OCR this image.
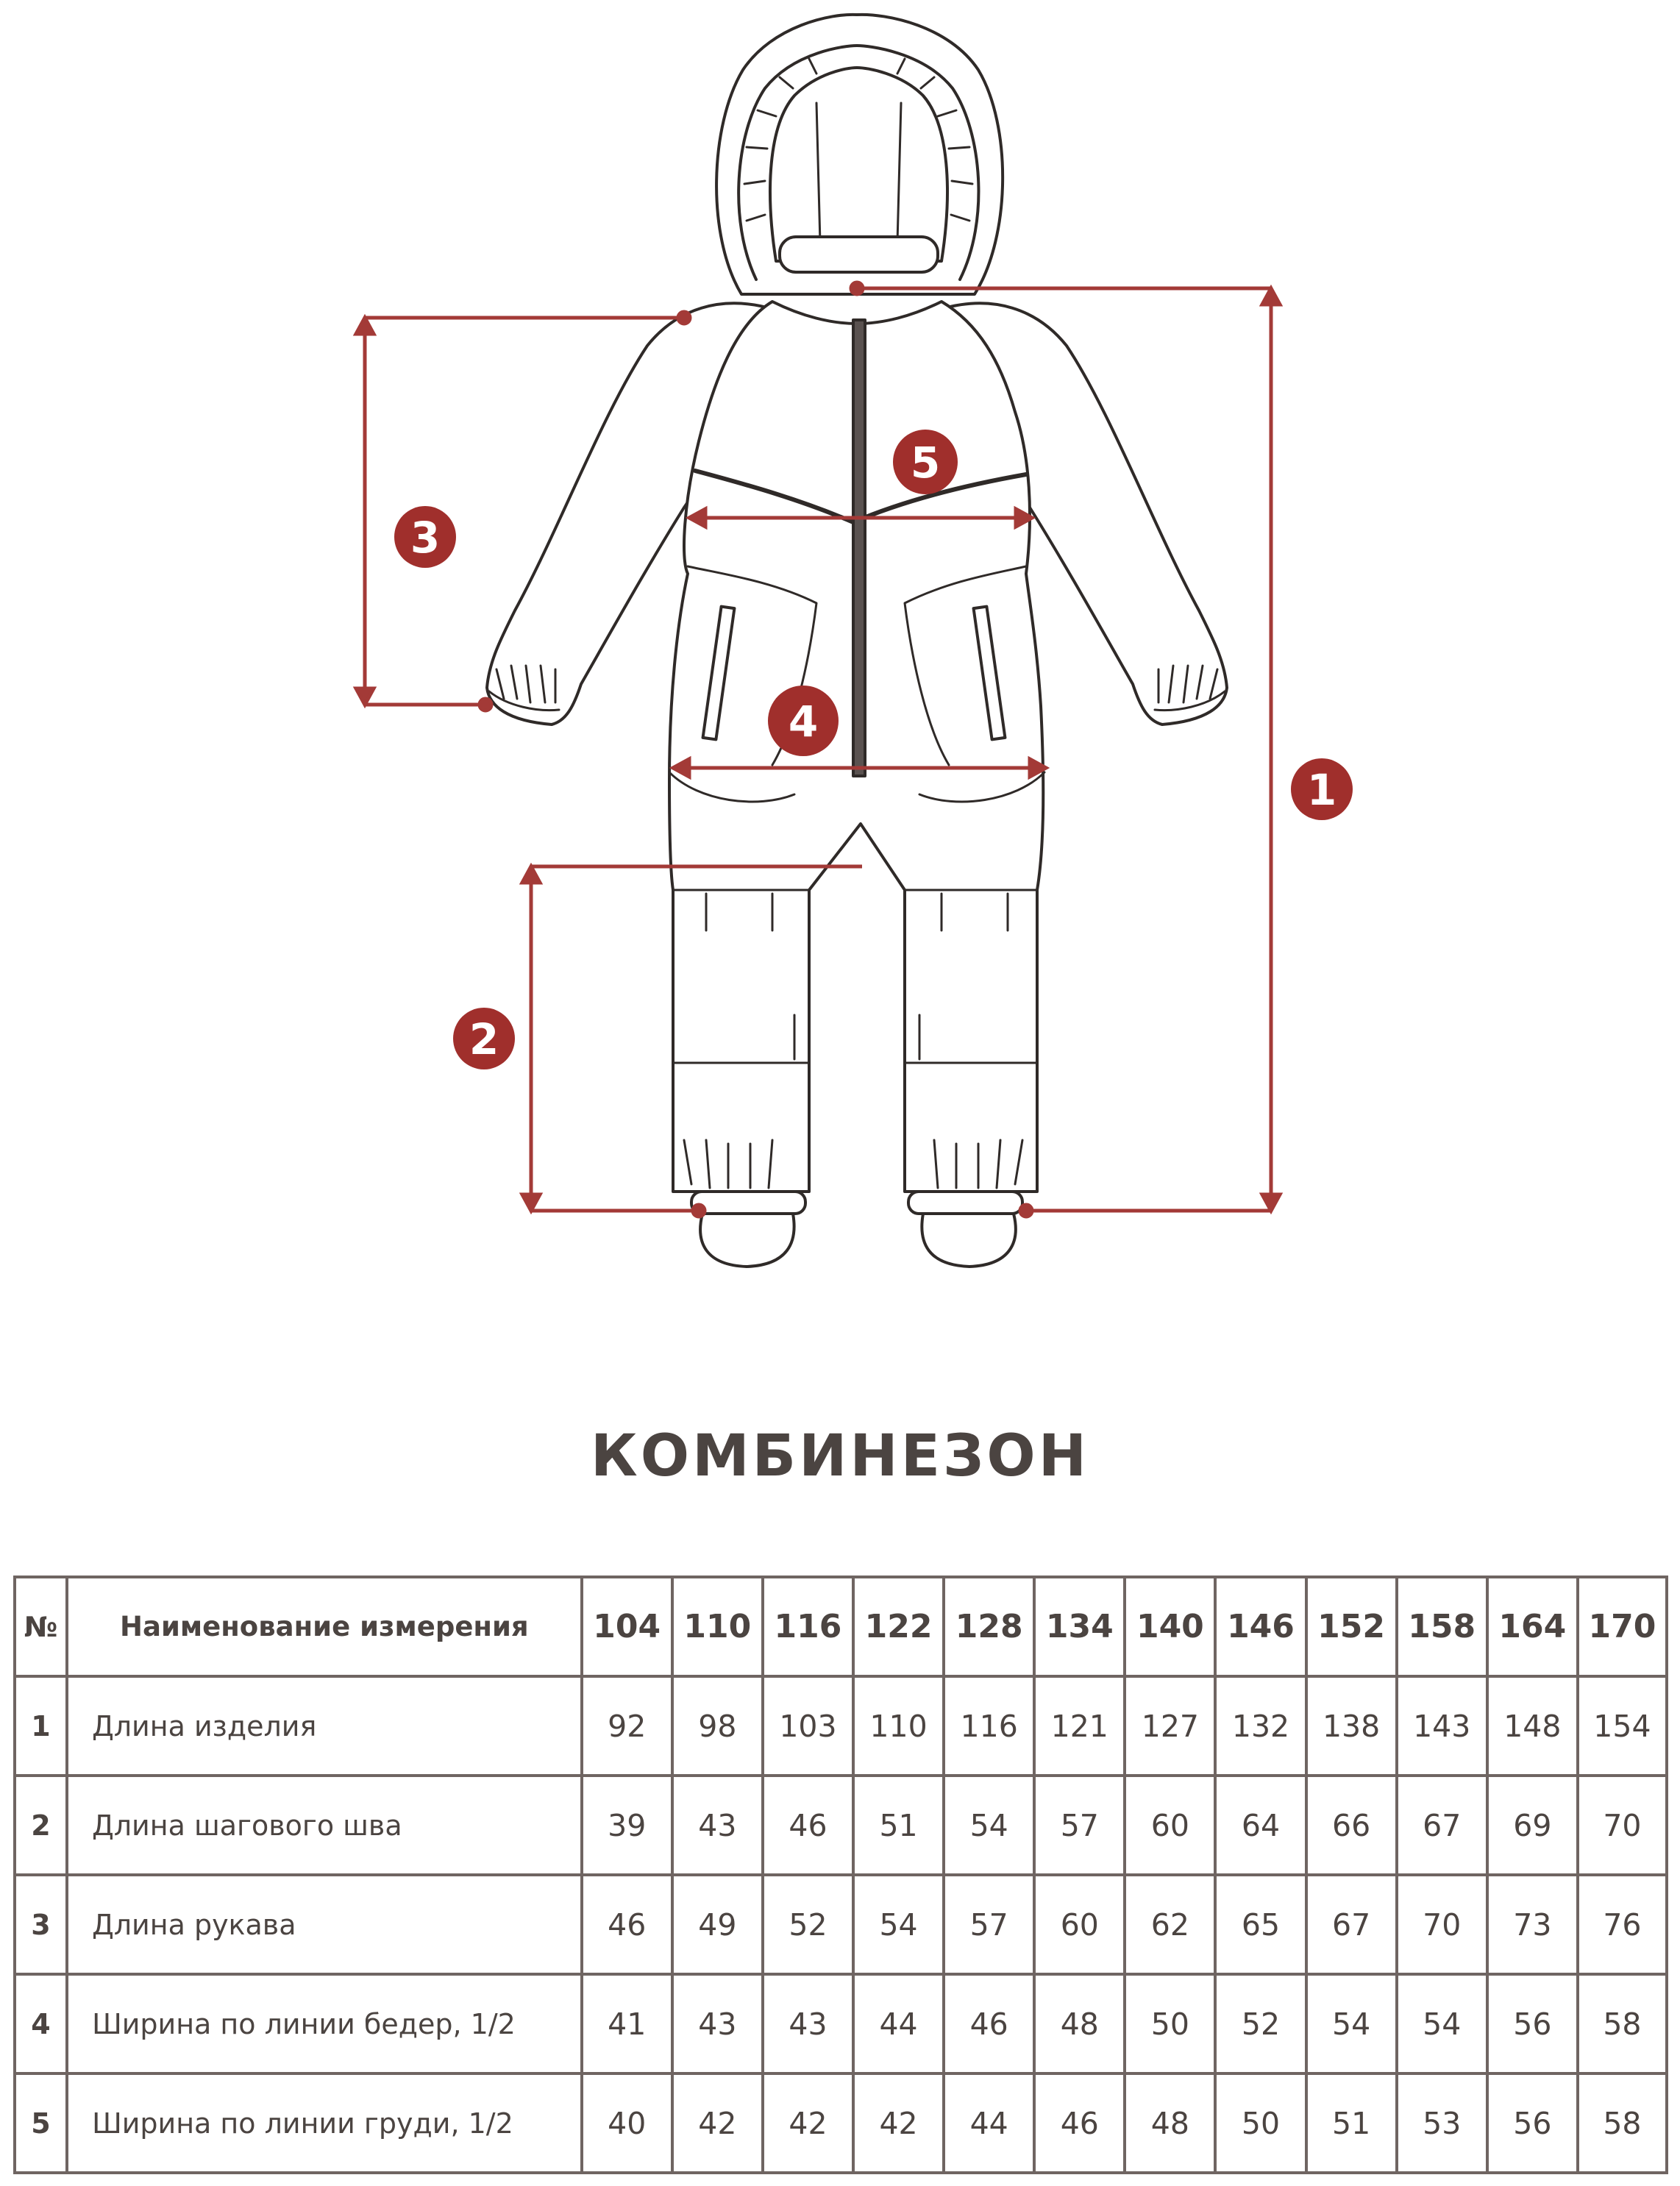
1
2
3
4
5
КОМБИНЕЗОН
№	Наименование измерения	104	110	116	122	128	134	140	146	152	158	164	170
1	Длина изделия	92	98	103	110	116	121	127	132	138	143	148	154
2	Длина шагового шва	39	43	46	51	54	57	60	64	66	67	69	70
3	Длина рукава	46	49	52	54	57	60	62	65	67	70	73	76
4	Ширина по линии бедер, 1/2	41	43	43	44	46	48	50	52	54	54	56	58
5	Ширина по линии груди, 1/2	40	42	42	42	44	46	48	50	51	53	56	58
